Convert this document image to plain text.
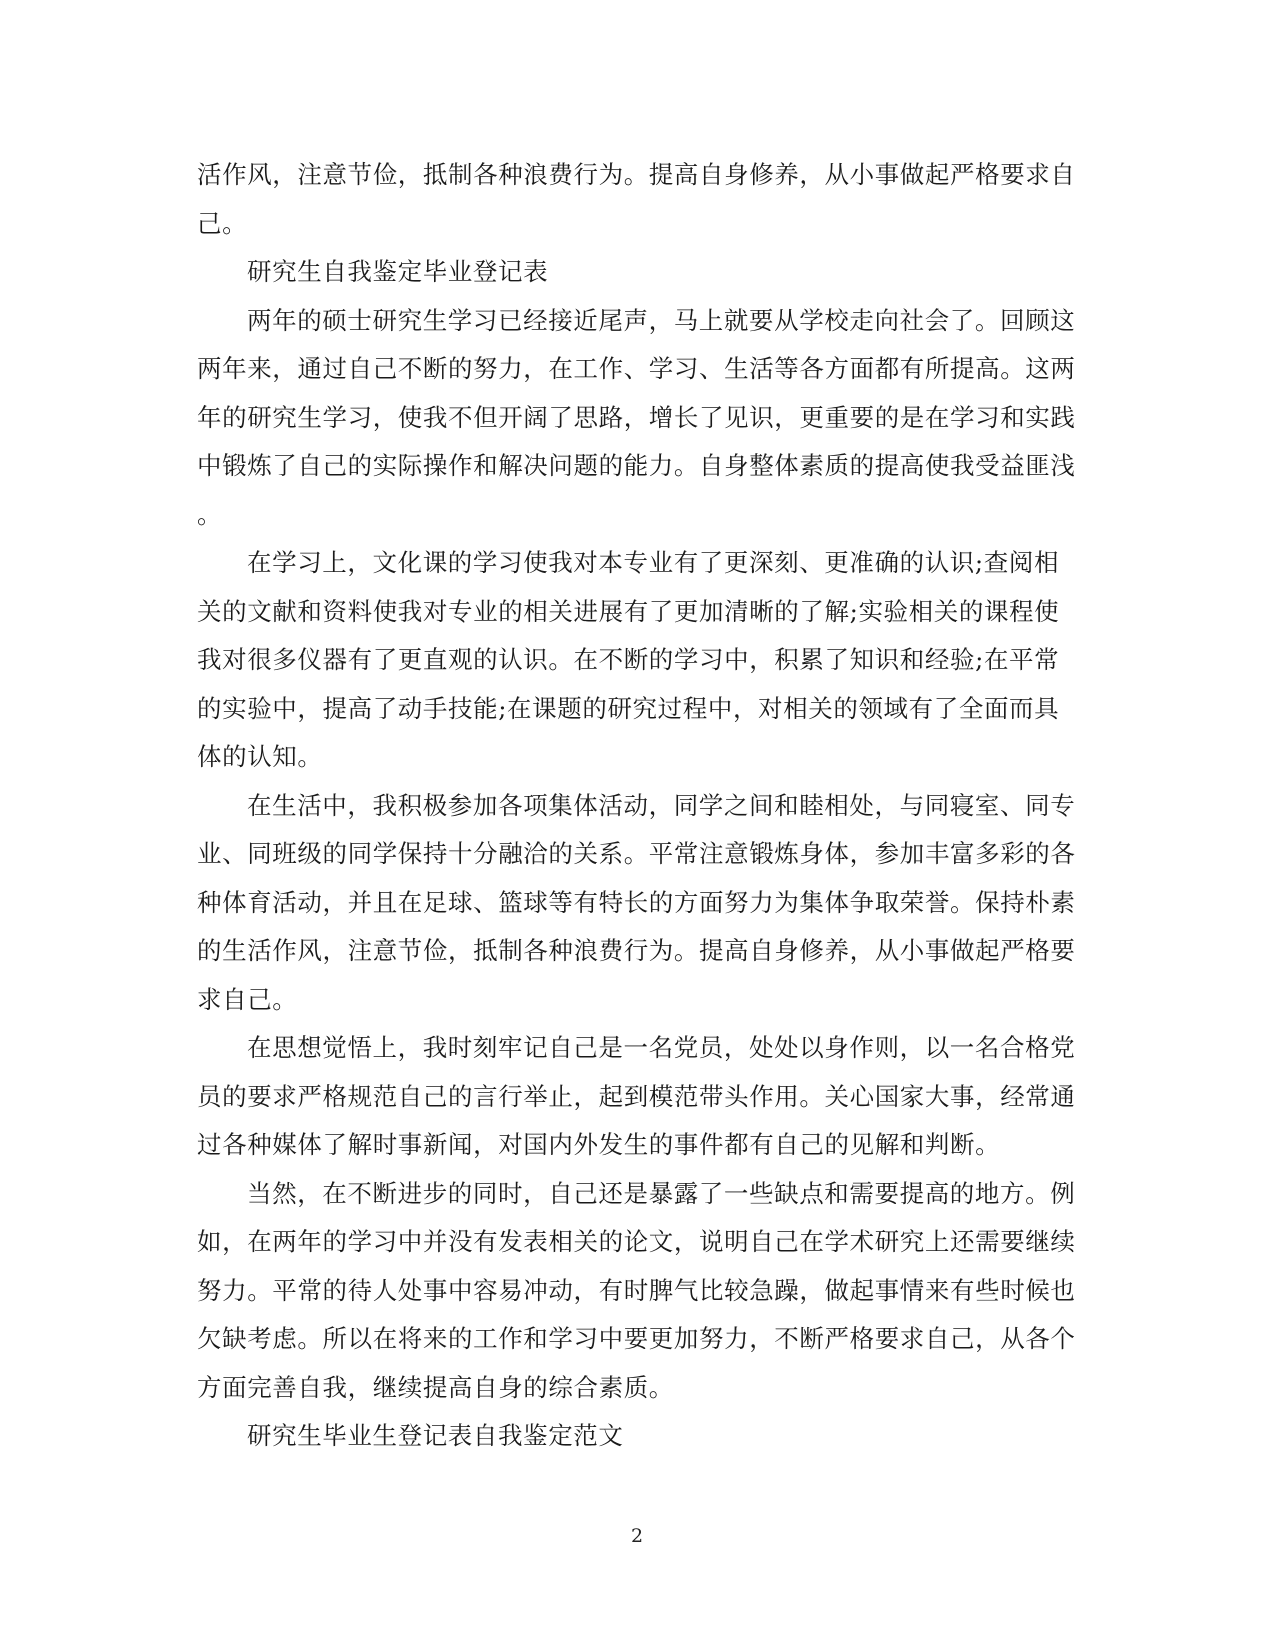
活作风，注意节俭，抵制各种浪费行为。提高自身修养，从小事做起严格要求自
己。
研究生自我鉴定毕业登记表
两年的硕士研究生学习已经接近尾声，马上就要从学校走向社会了。回顾这
两年来，通过自己不断的努力，在工作、学习、生活等各方面都有所提高。这两
年的研究生学习，使我不但开阔了思路，增长了见识，更重要的是在学习和实践
中锻炼了自己的实际操作和解决问题的能力。自身整体素质的提高使我受益匪浅
。
在学习上，文化课的学习使我对本专业有了更深刻、更准确的认识;查阅相
关的文献和资料使我对专业的相关进展有了更加清晰的了解;实验相关的课程使
我对很多仪器有了更直观的认识。在不断的学习中，积累了知识和经验;在平常
的实验中，提高了动手技能;在课题的研究过程中，对相关的领域有了全面而具
体的认知。
在生活中，我积极参加各项集体活动，同学之间和睦相处，与同寝室、同专
业、同班级的同学保持十分融洽的关系。平常注意锻炼身体，参加丰富多彩的各
种体育活动，并且在足球、篮球等有特长的方面努力为集体争取荣誉。保持朴素
的生活作风，注意节俭，抵制各种浪费行为。提高自身修养，从小事做起严格要
求自己。
在思想觉悟上，我时刻牢记自己是一名党员，处处以身作则，以一名合格党
员的要求严格规范自己的言行举止，起到模范带头作用。关心国家大事，经常通
过各种媒体了解时事新闻，对国内外发生的事件都有自己的见解和判断。
当然，在不断进步的同时，自己还是暴露了一些缺点和需要提高的地方。例
如，在两年的学习中并没有发表相关的论文，说明自己在学术研究上还需要继续
努力。平常的待人处事中容易冲动，有时脾气比较急躁，做起事情来有些时候也
欠缺考虑。所以在将来的工作和学习中要更加努力，不断严格要求自己，从各个
方面完善自我，继续提高自身的综合素质。
研究生毕业生登记表自我鉴定范文
2
